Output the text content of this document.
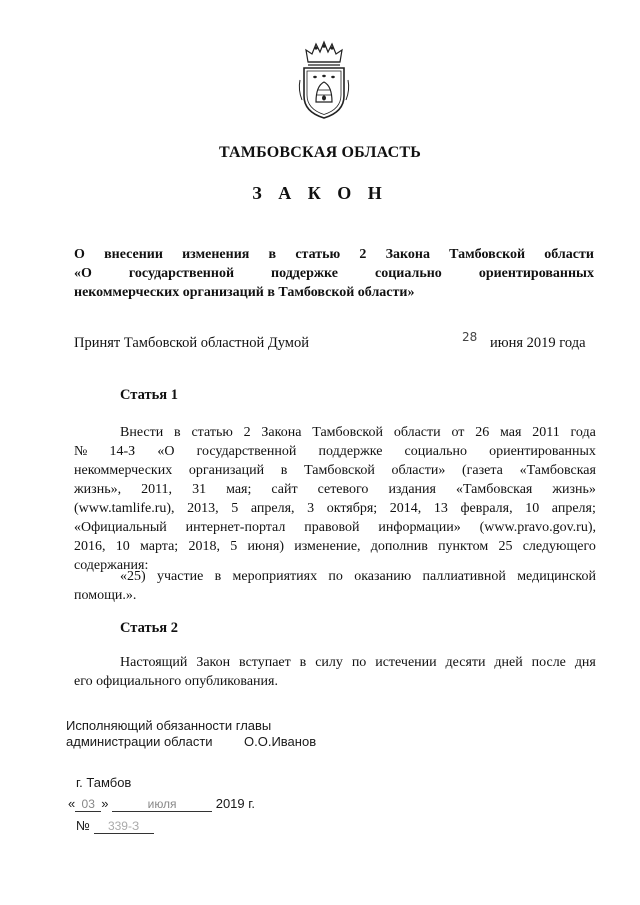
ТАМБОВСКАЯ ОБЛАСТЬ
З А К О Н
О внесении изменения в статью 2 Закона Тамбовской области
«О	государственной	поддержке	социально	ориентированных
некоммерческих организаций в Тамбовской области»
Принят Тамбовской областной Думой	28 июня 2019 года
Статья 1
Внести в статью 2 Закона Тамбовской области от 26 мая 2011 года
№ 14-З «О государственной поддержке социально ориентированных
некоммерческих организаций в Тамбовской области» (газета «Тамбовская
жизнь», 2011, 31 мая; сайт сетевого издания «Тамбовская жизнь»
(www.tamlife.ru), 2013, 5 апреля, 3 октября; 2014, 13 февраля, 10 апреля;
«Официальный интернет-портал правовой информации» (www.pravo.gov.ru),
2016, 10 марта; 2018, 5 июня) изменение, дополнив пунктом 25 следующего
содержания:
«25) участие в мероприятиях по оказанию паллиативной медицинской
помощи.».
Статья 2
Настоящий Закон вступает в силу по истечении десяти дней после дня
его официального опубликования.
Исполняющий обязанности главы
администрации области	О.О.Иванов
г. Тамбов
« 03 »	июля	2019 г.
№ 339-З
